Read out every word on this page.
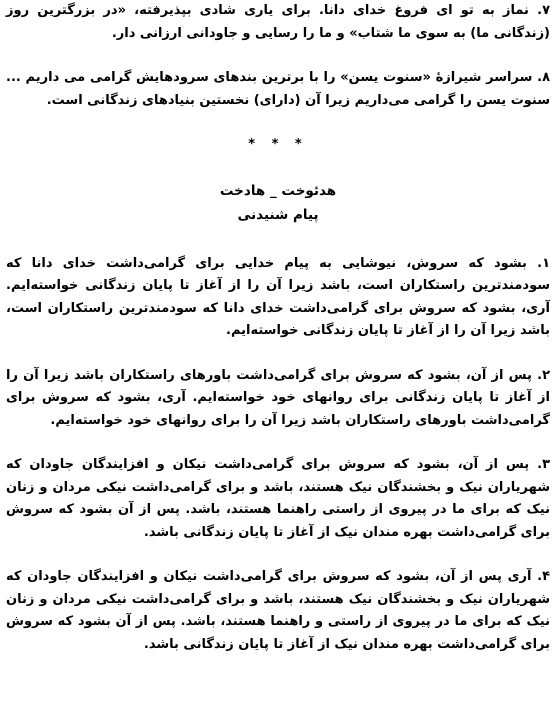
۷. نماز به تو ای فروغ خدای دانا. برای یاری شادی بپذیرفته، «در بزرگترین روز (زندگانی ما) به سوی ما شتاب» و ما را رسایی و جاودانی ارزانی دار.

۸. سراسر شیرازهٔ «سنوت یسن» را با برترین بندهای سرودهایش گرامی می داریم ... سنوت یسن را گرامی می‌داریم زیرا آن (دارای) نخستین بنیادهای زندگانی است.

* * *

هدئوخت _ هادخت

پیام شنیدنی

۱. بشود که سروش، نیوشایی به پیام خدایی برای گرامی‌داشت خدای دانا که سودمندترین راستکاران است، باشد زیرا آن را از آغاز تا پایان زندگانی خواسته‌ایم. آری، بشود که سروش برای گرامی‌داشت خدای دانا که سودمندترین راستکاران است، باشد زیرا آن را از آغاز تا پایان زندگانی خواسته‌ایم.

۲. پس از آن، بشود که سروش برای گرامی‌داشت باورهای راستکاران باشد زیرا آن را از آغاز تا پایان زندگانی برای روانهای خود خواسته‌ایم. آری، بشود که سروش برای گرامی‌داشت باورهای راستکاران باشد زیرا آن را برای روانهای خود خواسته‌ایم.

۳. پس از آن، بشود که سروش برای گرامی‌داشت نیکان و افزایندگان جاودان که شهریاران نیک و بخشندگان نیک هستند، باشد و برای گرامی‌داشت نیکی مردان و زنان نیک که برای ما در پیروی از راستی راهنما هستند، باشد. پس از آن بشود که سروش برای گرامی‌داشت بهره مندان نیک از آغاز تا پایان زندگانی باشد.

۴. آری پس از آن، بشود که سروش برای گرامی‌داشت نیکان و افزایندگان جاودان که شهریاران نیک و بخشندگان نیک هستند، باشد و برای گرامی‌داشت نیکی مردان و زنان نیک که برای ما در پیروی از راستی و راهنما هستند، باشد. پس از آن بشود که سروش برای گرامی‌داشت بهره مندان نیک از آغاز تا پایان زندگانی باشد.
